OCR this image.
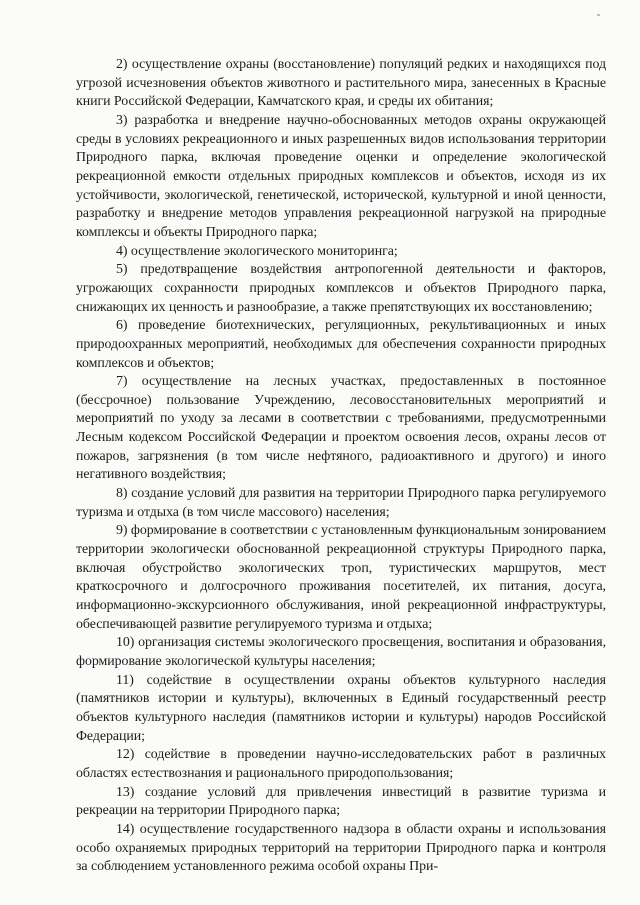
2) осуществление охраны (восстановление) популяций редких и находящихся под угрозой исчезновения объектов животного и растительного мира, занесенных в Красные книги Российской Федерации, Камчатского края, и среды их обитания;

3) разработка и внедрение научно-обоснованных методов охраны окружающей среды в условиях рекреационного и иных разрешенных видов использования территории Природного парка, включая проведение оценки и определение экологической рекреационной емкости отдельных природных комплексов и объектов, исходя из их устойчивости, экологической, генетической, исторической, культурной и иной ценности, разработку и внедрение методов управления рекреационной нагрузкой на природные комплексы и объекты Природного парка;

4) осуществление экологического мониторинга;

5) предотвращение воздействия антропогенной деятельности и факторов, угрожающих сохранности природных комплексов и объектов Природного парка, снижающих их ценность и разнообразие, а также препятствующих их восстановлению;

6) проведение биотехнических, регуляционных, рекультивационных и иных природоохранных мероприятий, необходимых для обеспечения сохранности природных комплексов и объектов;

7) осуществление на лесных участках, предоставленных в постоянное (бессрочное) пользование Учреждению, лесовосстановительных мероприятий и мероприятий по уходу за лесами в соответствии с требованиями, предусмотренными Лесным кодексом Российской Федерации и проектом освоения лесов, охраны лесов от пожаров, загрязнения (в том числе нефтяного, радиоактивного и другого) и иного негативного воздействия;

8) создание условий для развития на территории Природного парка регулируемого туризма и отдыха (в том числе массового) населения;

9) формирование в соответствии с установленным функциональным зонированием территории экологически обоснованной рекреационной структуры Природного парка, включая обустройство экологических троп, туристических маршрутов, мест краткосрочного и долгосрочного проживания посетителей, их питания, досуга, информационно-экскурсионного обслуживания, иной рекреационной инфраструктуры, обеспечивающей развитие регулируемого туризма и отдыха;

10) организация системы экологического просвещения, воспитания и образования, формирование экологической культуры населения;

11) содействие в осуществлении охраны объектов культурного наследия (памятников истории и культуры), включенных в Единый государственный реестр объектов культурного наследия (памятников истории и культуры) народов Российской Федерации;

12) содействие в проведении научно-исследовательских работ в различных областях естествознания и рационального природопользования;

13) создание условий для привлечения инвестиций в развитие туризма и рекреации на территории Природного парка;

14) осуществление государственного надзора в области охраны и использования особо охраняемых природных территорий на территории Природного парка и контроля за соблюдением установленного режима особой охраны При-
